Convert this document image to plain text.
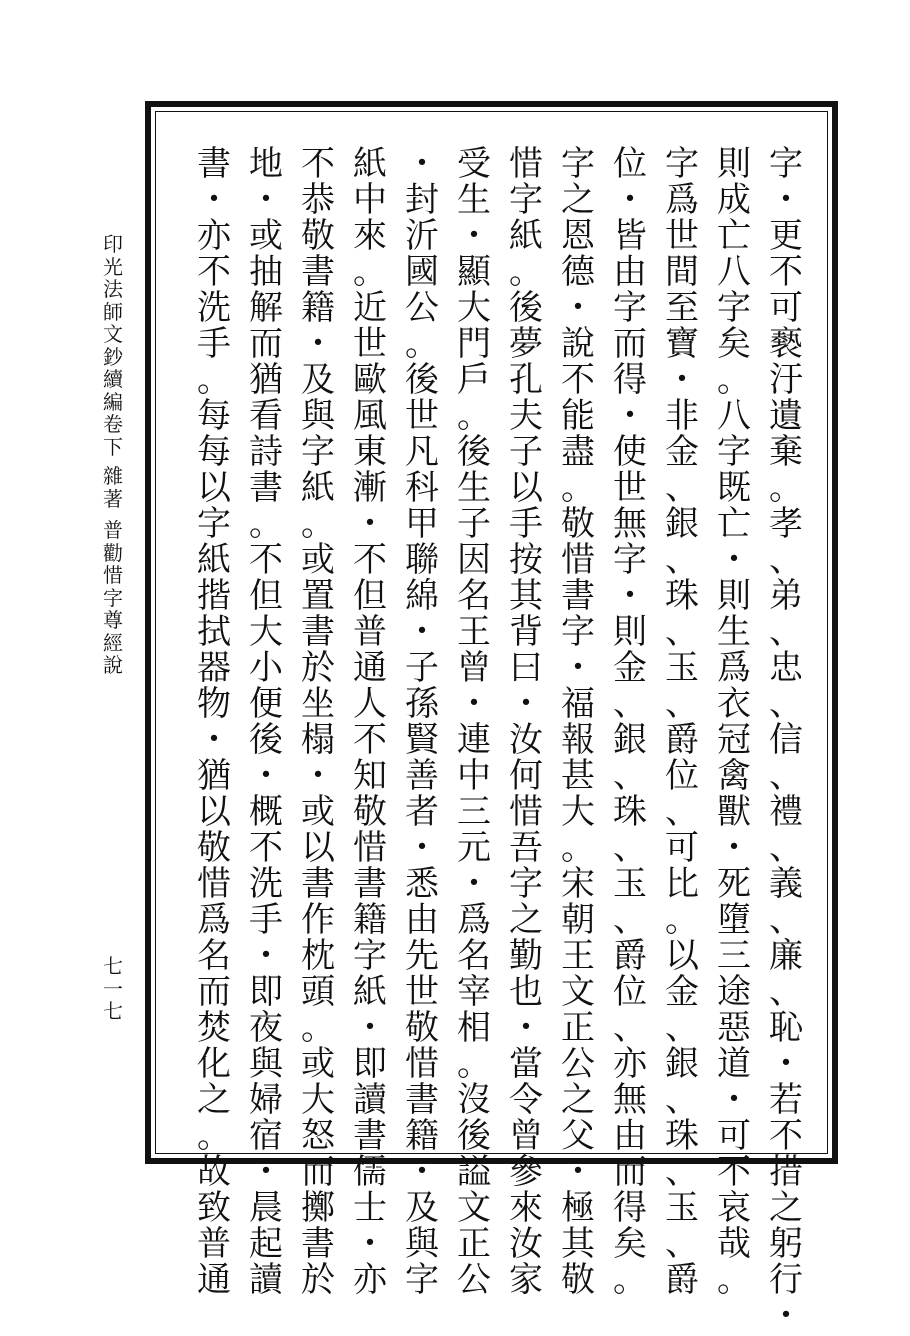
字
・
更
不
可
褻
汙
遺
棄
。
孝
、
弟
、
忠
、
信
、
禮
、
義
、
廉
、
恥
・
若
不
措
之
躬
行
・
則
成
亡
八
字
矣
。
八
字
既
亡
・
則
生
爲
衣
冠
禽
獸
・
死
墮
三
途
惡
道
・
可
不
哀
哉
。
字
爲
世
間
至
寶
・
非
金
、
銀
、
珠
、
玉
、
爵
位
、
可
比
。
以
金
、
銀
、
珠
、
玉
、
爵
位
・
皆
由
字
而
得
・
使
世
無
字
・
則
金
、
銀
、
珠
、
玉
、
爵
位
、
亦
無
由
而
得
矣
。
字
之
恩
德
・
說
不
能
盡
。
敬
惜
書
字
・
福
報
甚
大
。
宋
朝
王
文
正
公
之
父
・
極
其
敬
惜
字
紙
。
後
夢
孔
夫
子
以
手
按
其
背
曰
・
汝
何
惜
吾
字
之
勤
也
・
當
令
曾
參
來
汝
家
受
生
・
顯
大
門
戶
。
後
生
子
因
名
王
曾
・
連
中
三
元
・
爲
名
宰
相
。
沒
後
謚
文
正
公
・
封
沂
國
公
。
後
世
凡
科
甲
聯
綿
・
子
孫
賢
善
者
・
悉
由
先
世
敬
惜
書
籍
・
及
與
字
紙
中
來
。
近
世
歐
風
東
漸
・
不
但
普
通
人
不
知
敬
惜
書
籍
字
紙
・
即
讀
書
儒
士
・
亦
不
恭
敬
書
籍
・
及
與
字
紙
。
或
置
書
於
坐
榻
・
或
以
書
作
枕
頭
。
或
大
怒
而
擲
書
於
地
・
或
抽
解
而
猶
看
詩
書
。
不
但
大
小
便
後
・
概
不
洗
手
・
即
夜
與
婦
宿
・
晨
起
讀
書
・
亦
不
洗
手
。
每
每
以
字
紙
揩
拭
器
物
・
猶
以
敬
惜
爲
名
而
焚
化
之
。
故
致
普
通
印
光
法
師
文
鈔
續
編
卷
下
雜
著
普
勸
惜
字
尊
經
說
七
一
七
